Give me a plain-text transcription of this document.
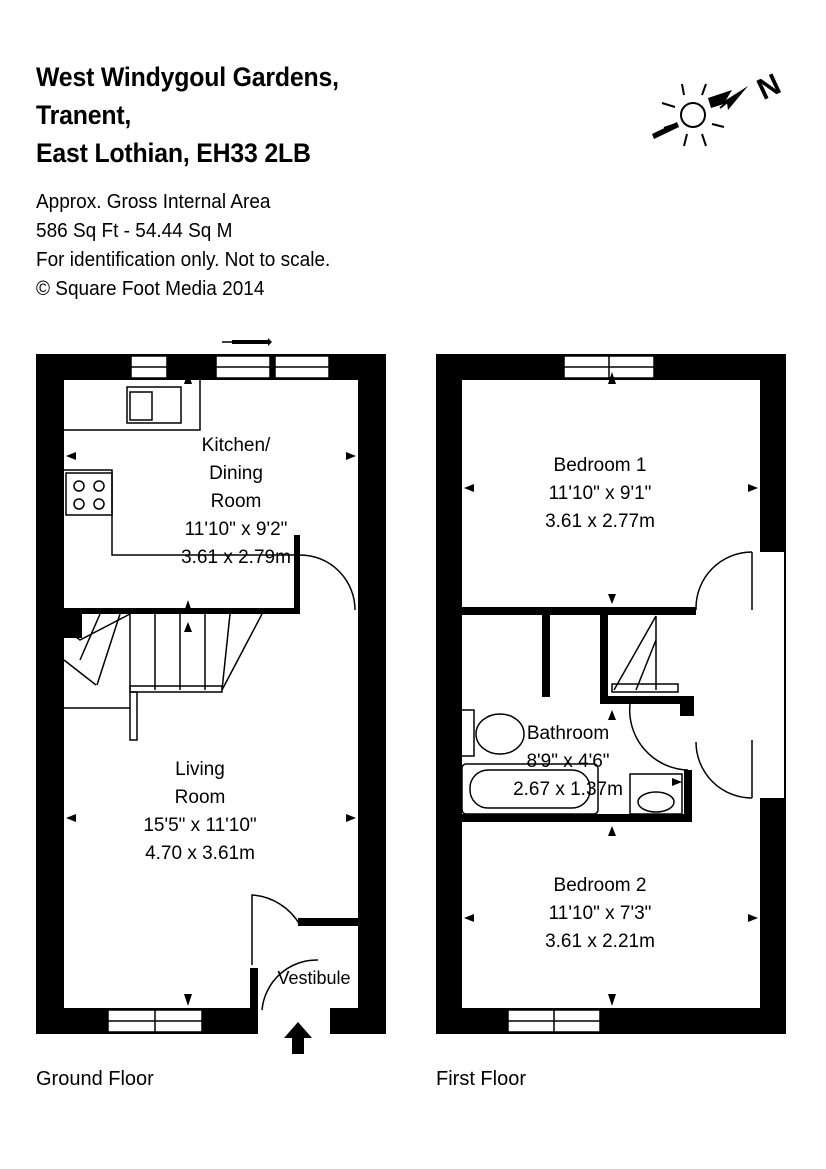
West Windygoul Gardens,
Tranent,
East Lothian, EH33 2LB
Approx. Gross Internal Area
586 Sq Ft - 54.44 Sq M
For identification only. Not to scale.
© Square Foot Media 2014
N
Kitchen/
Dining
Room
11'10" x 9'2"
3.61 x 2.79m
Living
Room
15'5" x 11'10"
4.70 x 3.61m
Vestibule
Ground Floor
Bedroom 1
11'10" x 9'1"
3.61 x 2.77m
Bathroom
8'9" x 4'6"
2.67 x 1.37m
Bedroom 2
11'10" x 7'3"
3.61 x 2.21m
First Floor
